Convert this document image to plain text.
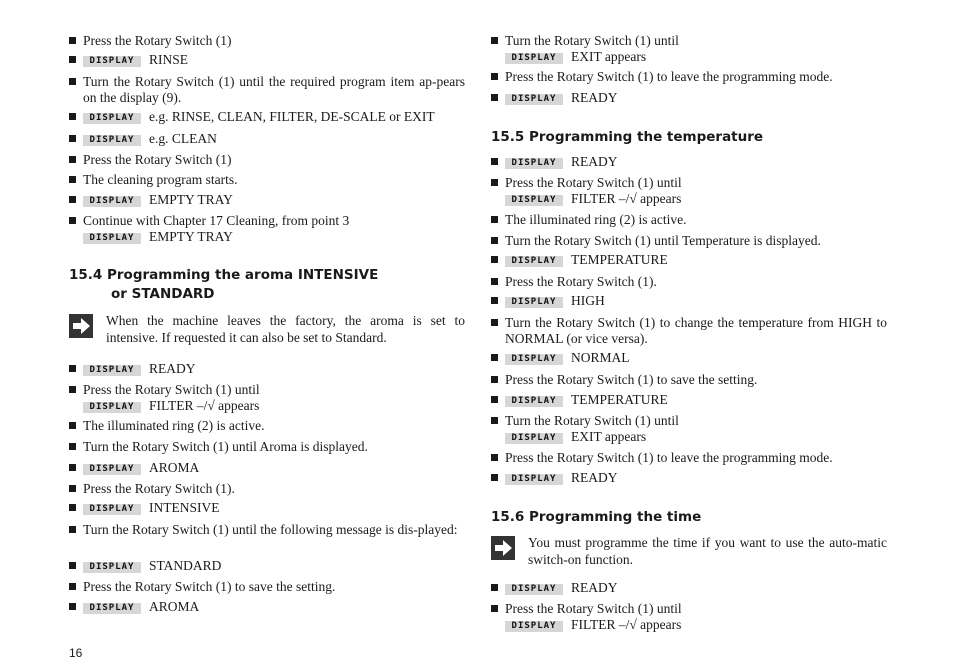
Press the Rotary Switch (1)
DISPLAY RINSE
Turn the Rotary Switch (1) until the required program item ap-pears on the display (9).
DISPLAY e.g. RINSE, CLEAN, FILTER, DE-SCALE or EXIT
DISPLAY e.g. CLEAN
Press the Rotary Switch (1)
The cleaning program starts.
DISPLAY EMPTY TRAY
Continue with Chapter 17 Cleaning, from point 3
DISPLAY EMPTY TRAY
15.4 Programming the aroma INTENSIVE
or STANDARD
When the machine leaves the factory, the aroma is set to intensive. If requested it can also be set to Standard.
DISPLAY READY
Press the Rotary Switch (1) until
DISPLAY FILTER –/√ appears
The illuminated ring (2) is active.
Turn the Rotary Switch (1) until Aroma is displayed.
DISPLAY AROMA
Press the Rotary Switch (1).
DISPLAY INTENSIVE
Turn the Rotary Switch (1) until the following message is dis-played:
DISPLAY STANDARD
Press the Rotary Switch (1) to save the setting.
DISPLAY AROMA
Turn the Rotary Switch (1) until
DISPLAY EXIT appears
Press the Rotary Switch (1) to leave the programming mode.
DISPLAY READY
15.5 Programming the temperature
DISPLAY READY
Press the Rotary Switch (1) until
DISPLAY FILTER –/√ appears
The illuminated ring (2) is active.
Turn the Rotary Switch (1) until Temperature is displayed.
DISPLAY TEMPERATURE
Press the Rotary Switch (1).
DISPLAY HIGH
Turn the Rotary Switch (1) to change the temperature from HIGH to NORMAL (or vice versa).
DISPLAY NORMAL
Press the Rotary Switch (1) to save the setting.
DISPLAY TEMPERATURE
Turn the Rotary Switch (1) until
DISPLAY EXIT appears
Press the Rotary Switch (1) to leave the programming mode.
DISPLAY READY
15.6 Programming the time
You must programme the time if you want to use the auto-matic switch-on function.
DISPLAY READY
Press the Rotary Switch (1) until
DISPLAY FILTER –/√ appears
16
